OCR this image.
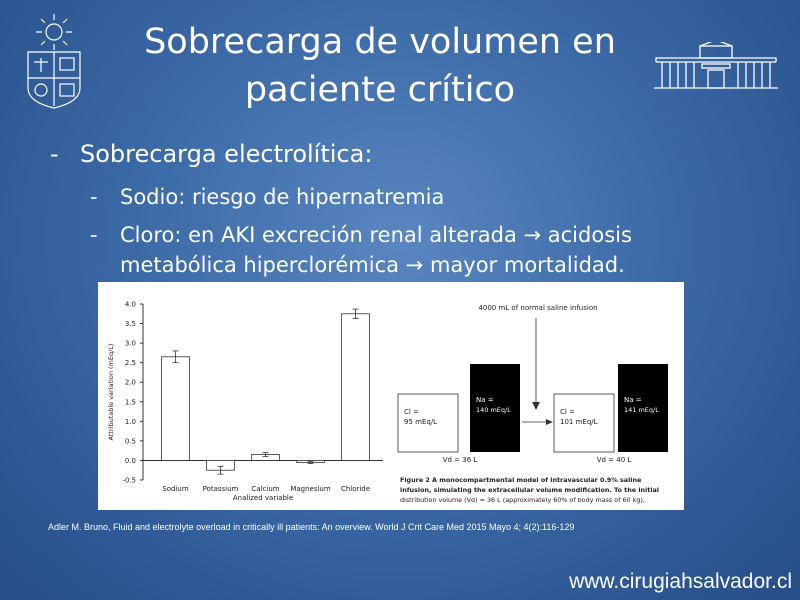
Sobrecarga de volumen en
paciente crítico
- Sobrecarga electrolítica:
-	Sodio: riesgo de hipernatremia
-	Cloro: en AKI excreción renal alterada → acidosis
metabólica hiperclorémica → mayor mortalidad.
4.0
3.5
3.0
2.5
2.0
1.5
1.0
0.5
0.0
-0.5
Sodium Potassium Calcium Magnesium Chloride
Analized variable
Attributable variation (mEq/L)
4000 mL of normal saline infusion
Cl =
95 mEq/L
Na =
140 mEq/L
Vd = 36 L
Cl =
101 mEq/L
Na =
141 mEq/L
Vd = 40 L
Figure 2 A monocompartmental model of intravascular 0.9% saline
infusion, simulating the extracellular volume modification. To the initial
distribution volume (Vd) = 36 L (approximately 60% of body mass of 60 kg),
Adler M. Bruno, Fluid and electrolyte overload in critically ill patients: An overview. World J Crit Care Med 2015 Mayo 4; 4(2):116-129
www.cirugiahsalvador.cl
